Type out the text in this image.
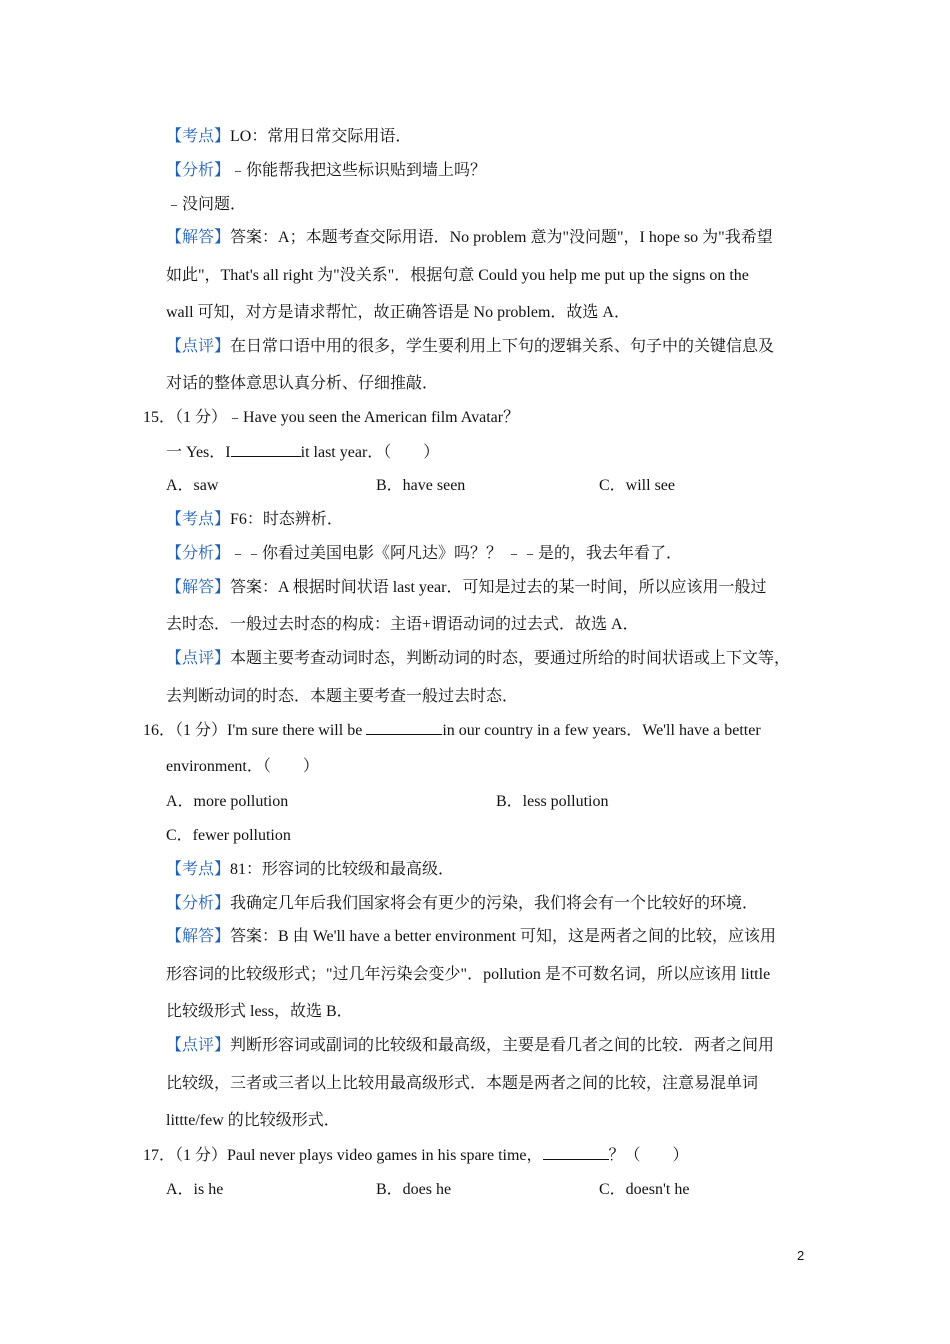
【考点】LO：常用日常交际用语．
【分析】﹣你能帮我把这些标识贴到墙上吗？
﹣没问题．
【解答】答案：A；本题考查交际用语．No problem 意为"没问题"，I hope so 为"我希望
如此"，That's all right 为"没关系"．根据句意 Could you help me put up the signs on the
wall 可知，对方是请求帮忙，故正确答语是 No problem．故选 A．
【点评】在日常口语中用的很多，学生要利用上下句的逻辑关系、句子中的关键信息及
对话的整体意思认真分析、仔细推敲．
15．（1 分）﹣Have you seen the American film Avatar？
一 Yes．I	it last year．（　　）
A．saw	B．have seen	C．will see
【考点】F6：时态辨析．
【分析】﹣﹣你看过美国电影《阿凡达》吗？？ ﹣﹣是的，我去年看了．
【解答】答案：A 根据时间状语 last year．可知是过去的某一时间，所以应该用一般过
去时态．一般过去时态的构成：主语+谓语动词的过去式．故选 A．
【点评】本题主要考查动词时态，判断动词的时态，要通过所给的时间状语或上下文等，
去判断动词的时态．本题主要考查一般过去时态．
16．（1 分）I'm sure there will be	in our country in a few years．We'll have a better
environment．（　　）
A．more pollution	B．less pollution
C．fewer pollution
【考点】81：形容词的比较级和最高级．
【分析】我确定几年后我们国家将会有更少的污染，我们将会有一个比较好的环境．
【解答】答案：B 由 We'll have a better environment 可知，这是两者之间的比较，应该用
形容词的比较级形式；"过几年污染会变少"．pollution 是不可数名词，所以应该用 little
比较级形式 less，故选 B．
【点评】判断形容词或副词的比较级和最高级，主要是看几者之间的比较．两者之间用
比较级，三者或三者以上比较用最高级形式．本题是两者之间的比较，注意易混单词
littte/few 的比较级形式．
17．（1 分）Paul never plays video games in his spare time，	？（　　）
A．is he	B．does he	C．doesn't he
2
